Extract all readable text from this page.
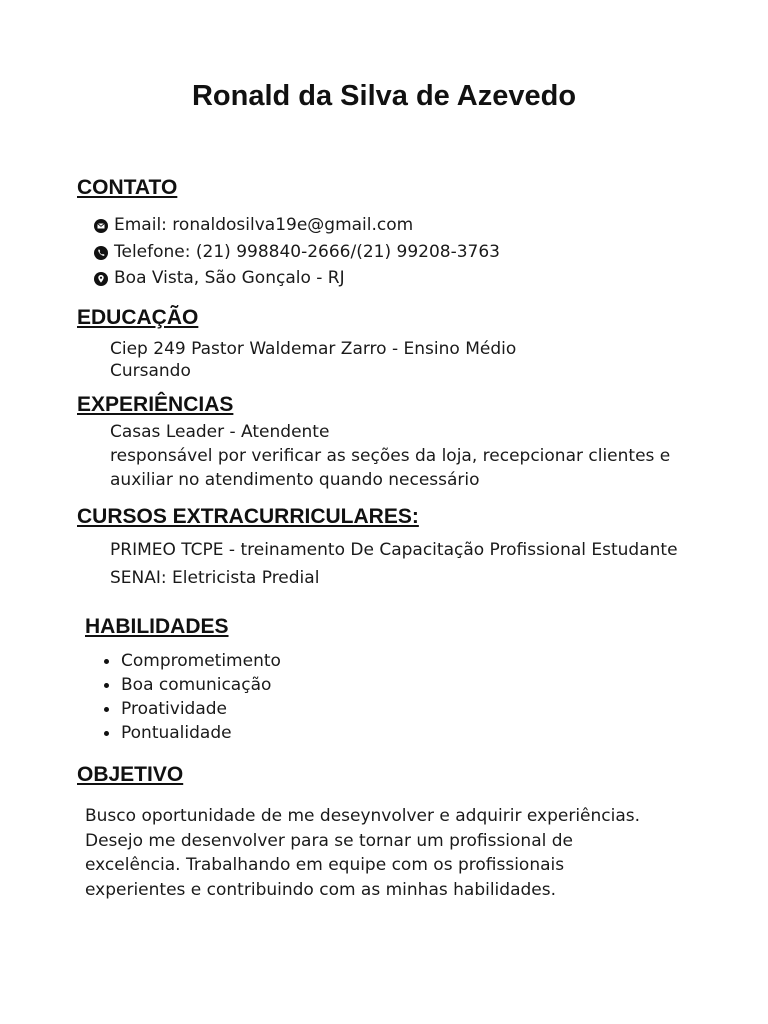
Ronald da Silva de Azevedo
CONTATO
Email: ronaldosilva19e@gmail.com
Telefone: (21) 998840-2666/(21) 99208-3763
Boa Vista, São Gonçalo - RJ
EDUCAÇÃO
Ciep 249 Pastor Waldemar Zarro - Ensino Médio
Cursando
EXPERIÊNCIAS
Casas Leader - Atendente
responsável por verificar as seções da loja, recepcionar clientes e
auxiliar no atendimento quando necessário
CURSOS EXTRACURRICULARES:
PRIMEO TCPE - treinamento De Capacitação Profissional Estudante
SENAI: Eletricista Predial
HABILIDADES
Comprometimento
Boa comunicação
Proatividade
Pontualidade
OBJETIVO
Busco oportunidade de me deseynvolver e adquirir experiências.
Desejo me desenvolver para se tornar um profissional de
excelência. Trabalhando em equipe com os profissionais
experientes e contribuindo com as minhas habilidades.
